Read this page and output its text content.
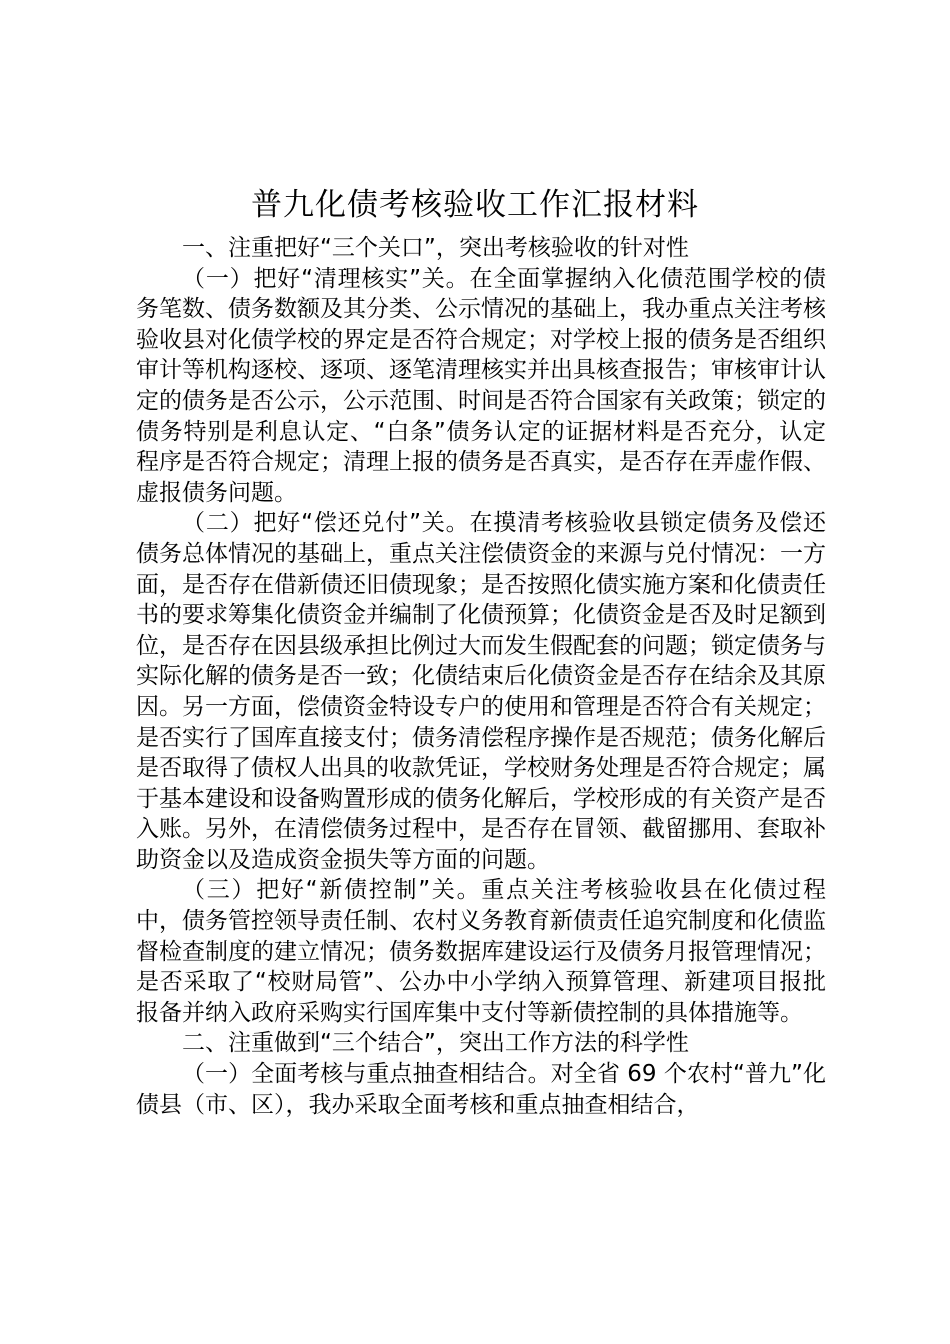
普九化债考核验收工作汇报材料

一、注重把好“三个关口”，突出考核验收的针对性

（一）把好“清理核实”关。在全面掌握纳入化债范围学校的债务笔数、债务数额及其分类、公示情况的基础上，我办重点关注考核验收县对化债学校的界定是否符合规定；对学校上报的债务是否组织审计等机构逐校、逐项、逐笔清理核实并出具核查报告；审核审计认定的债务是否公示，公示范围、时间是否符合国家有关政策；锁定的债务特别是利息认定、“白条”债务认定的证据材料是否充分，认定程序是否符合规定；清理上报的债务是否真实，是否存在弄虚作假、虚报债务问题。

（二）把好“偿还兑付”关。在摸清考核验收县锁定债务及偿还债务总体情况的基础上，重点关注偿债资金的来源与兑付情况：一方面，是否存在借新债还旧债现象；是否按照化债实施方案和化债责任书的要求筹集化债资金并编制了化债预算；化债资金是否及时足额到位，是否存在因县级承担比例过大而发生假配套的问题；锁定债务与实际化解的债务是否一致；化债结束后化债资金是否存在结余及其原因。另一方面，偿债资金特设专户的使用和管理是否符合有关规定；是否实行了国库直接支付；债务清偿程序操作是否规范；债务化解后是否取得了债权人出具的收款凭证，学校财务处理是否符合规定；属于基本建设和设备购置形成的债务化解后，学校形成的有关资产是否入账。另外，在清偿债务过程中，是否存在冒领、截留挪用、套取补助资金以及造成资金损失等方面的问题。

（三）把好“新债控制”关。重点关注考核验收县在化债过程中，债务管控领导责任制、农村义务教育新债责任追究制度和化债监督检查制度的建立情况；债务数据库建设运行及债务月报管理情况；是否采取了“校财局管”、公办中小学纳入预算管理、新建项目报批报备并纳入政府采购实行国库集中支付等新债控制的具体措施等。

二、注重做到“三个结合”，突出工作方法的科学性

（一）全面考核与重点抽查相结合。对全省 69 个农村“普九”化债县（市、区），我办采取全面考核和重点抽查相结合，
